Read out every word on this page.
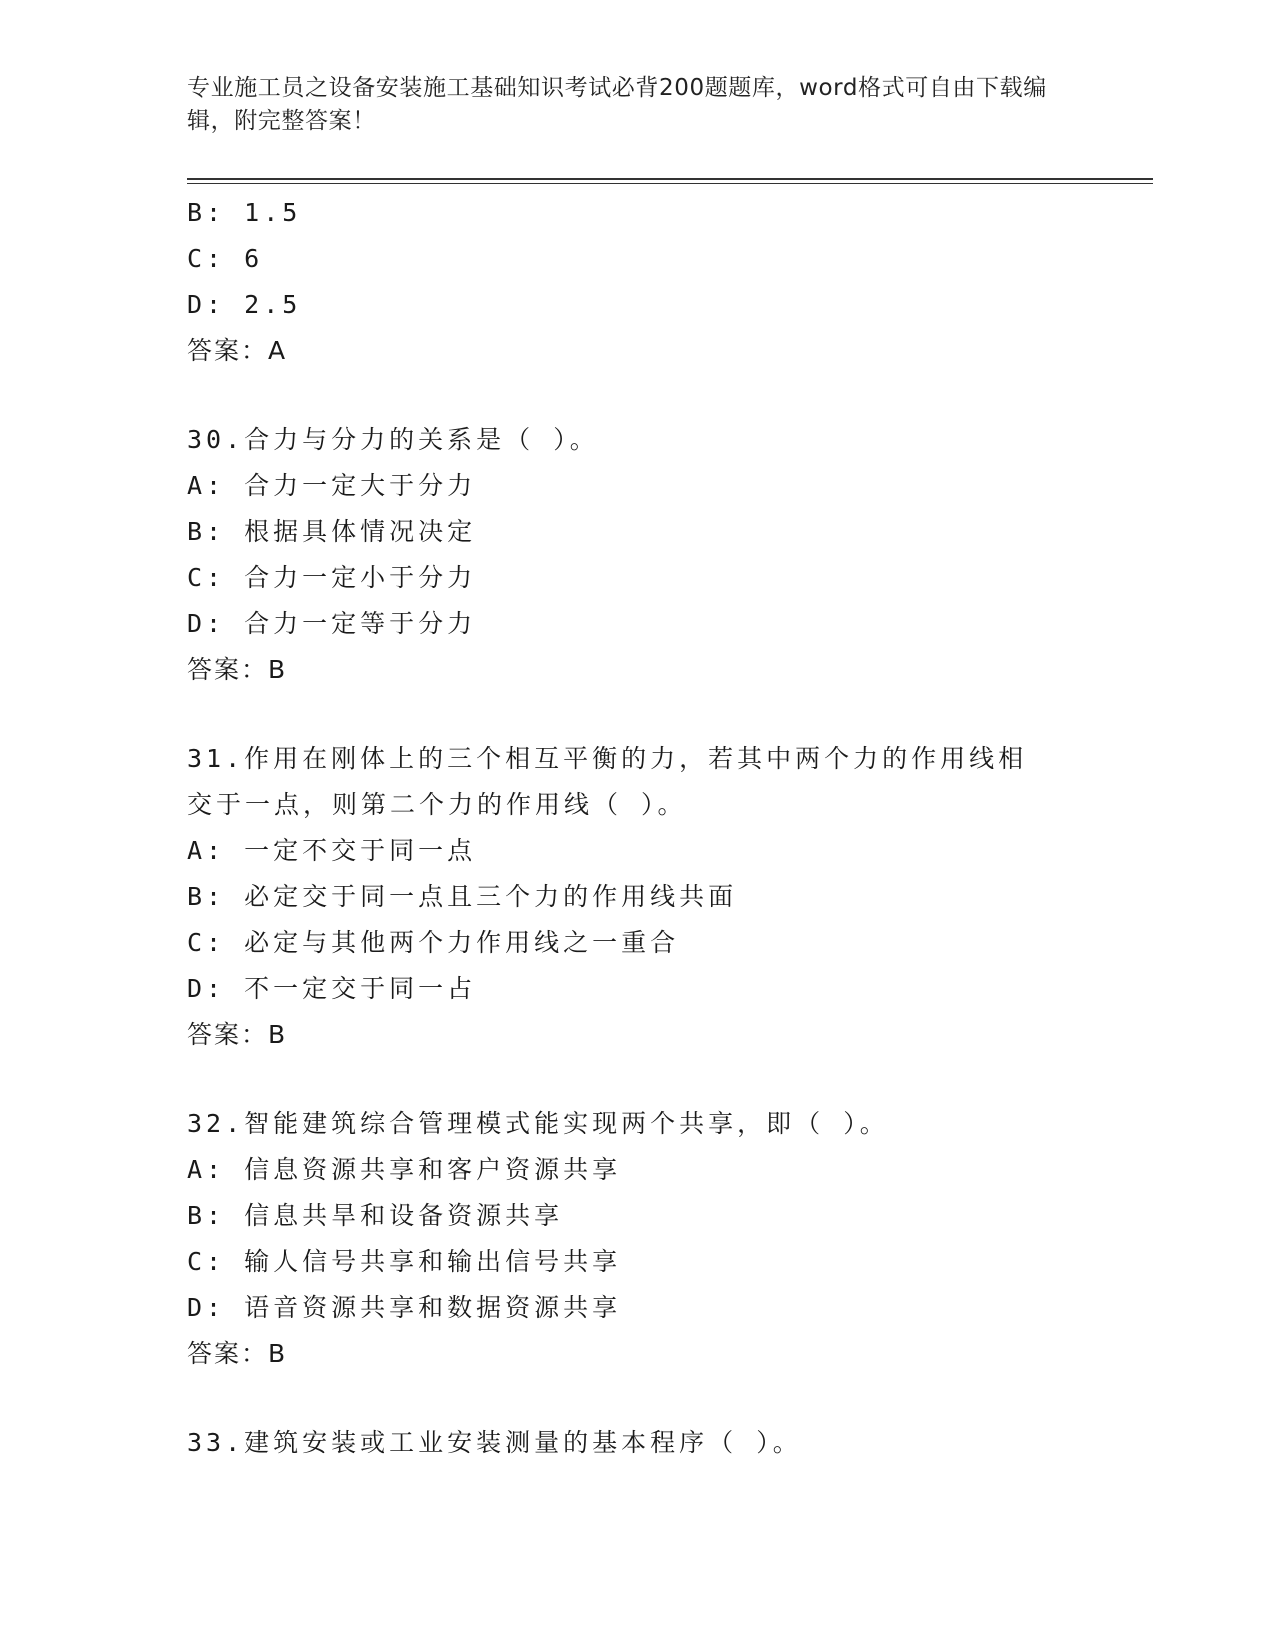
专业施工员之设备安装施工基础知识考试必背200题题库，word格式可自由下载编辑，附完整答案！
B: 1.5
C: 6
D: 2.5
答案：A
30.合力与分力的关系是（ ）。
A: 合力一定大于分力
B: 根据具体情况决定
C: 合力一定小于分力
D: 合力一定等于分力
答案：B
31.作用在刚体上的三个相互平衡的力，若其中两个力的作用线相交于一点，则第二个力的作用线（ ）。
A: 一定不交于同一点
B: 必定交于同一点且三个力的作用线共面
C: 必定与其他两个力作用线之一重合
D: 不一定交于同一占
答案：B
32.智能建筑综合管理模式能实现两个共享，即（ ）。
A: 信息资源共享和客户资源共享
B: 信息共旱和设备资源共享
C: 输人信号共享和输出信号共享
D: 语音资源共享和数据资源共享
答案：B
33.建筑安装或工业安装测量的基本程序（ ）。
